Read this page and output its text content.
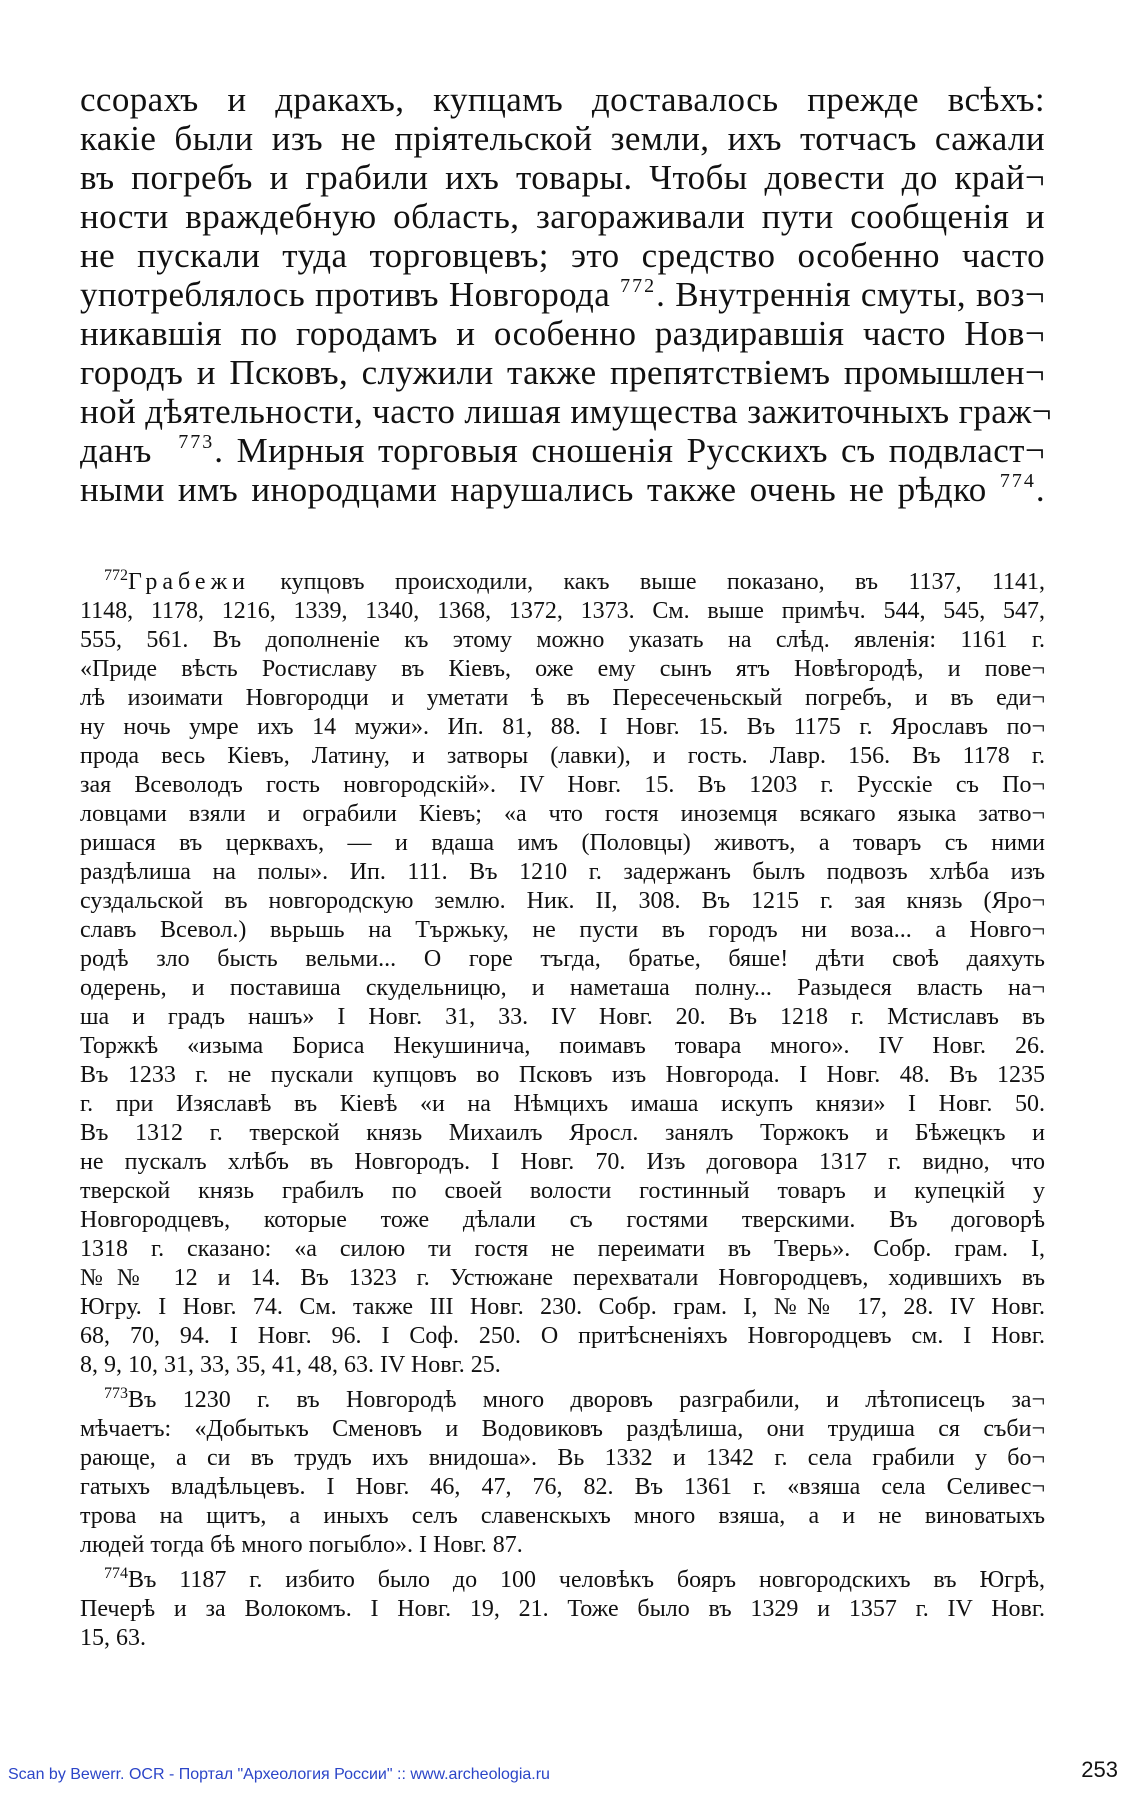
ссорахъ и дракахъ, купцамъ доставалось прежде всѣхъ:
какіе были изъ не пріятельской земли, ихъ тотчасъ сажали
въ погребъ и грабили ихъ товары. Чтобы довести до край¬
ности враждебную область, загораживали пути сообщенія и
не пускали туда торговцевъ; это средство особенно часто
употреблялось противъ Новгорода $^{772}$. Внутреннія смуты, воз¬
никавшія по городамъ и особенно раздиравшія часто Нов¬
городъ и Псковъ, служили также препятствіемъ промышлен¬
ной дѣятельности, часто лишая имущества зажиточныхъ граж¬
данъ $^{773}$. Мирныя торговыя сношенія Русскихъ съ подвласт¬
ными имъ инородцами нарушались также очень не рѣдко $^{774}$.
$^{772}$Грабежи купцовъ происходили, какъ выше показано, въ 1137, 1141,
1148, 1178, 1216, 1339, 1340, 1368, 1372, 1373. См. выше примѣч. 544, 545, 547,
555, 561. Въ дополненіе къ этому можно указать на слѣд. явленія: 1161 г.
«Приде вѣсть Ростиславу въ Кіевъ, оже ему сынъ ятъ Новѣгородѣ, и пове¬
лѣ изоимати Новгородци и уметати ѣ въ Пересеченьскый погребъ, и въ еди¬
ну ночь умре ихъ 14 мужи». Ип. 81, 88. I Новг. 15. Въ 1175 г. Ярославъ по¬
прода весь Кіевъ, Латину, и затворы (лавки), и гость. Лавр. 156. Въ 1178 г.
зая Всеволодъ гость новгородскій». IV Новг. 15. Въ 1203 г. Русскіе съ По¬
ловцами взяли и ограбили Кіевъ; «а что гостя иноземця всякаго языка затво¬
ришася въ церквахъ, — и вдаша имъ (Половцы) животъ, а товаръ съ ними
раздѣлиша на полы». Ип. 111. Въ 1210 г. задержанъ былъ подвозъ хлѣба изъ
суздальской въ новгородскую землю. Ник. II, 308. Въ 1215 г. зая князь (Яро¬
славъ Всевол.) вьрьшь на Тържьку, не пусти въ городъ ни воза... а Новго¬
родѣ зло бысть вельми... О горе тъгда, братье, бяше! дѣти своѣ даяхуть
одерень, и поставиша скудельницю, и наметаша полну... Разыдеся власть на¬
ша и градъ нашъ» I Новг. 31, 33. IV Новг. 20. Въ 1218 г. Мстиславъ въ
Торжкѣ «изыма Бориса Некушинича, поимавъ товара много». IV Новг. 26.
Въ 1233 г. не пускали купцовъ во Псковъ изъ Новгорода. I Новг. 48. Въ 1235
г. при Изяславѣ въ Кіевѣ «и на Нѣмцихъ имаша искупъ князи» I Новг. 50.
Въ 1312 г. тверской князь Михаилъ Яросл. занялъ Торжокъ и Бѣжецкъ и
не пускалъ хлѣбъ въ Новгородъ. I Новг. 70. Изъ договора 1317 г. видно, что
тверской князь грабилъ по своей волости гостинный товаръ и купецкій у
Новгородцевъ, которые тоже дѣлали съ гостями тверскими. Въ договорѣ
1318 г. сказано: «а силою ти гостя не переимати въ Тверь». Собр. грам. I,
№№ 12 и 14. Въ 1323 г. Устюжане перехватали Новгородцевъ, ходившихъ въ
Югру. I Новг. 74. См. также III Новг. 230. Собр. грам. I, №№ 17, 28. IV Новг.
68, 70, 94. I Новг. 96. I Соф. 250. О притѣсненіяхъ Новгородцевъ см. I Новг.
8, 9, 10, 31, 33, 35, 41, 48, 63. IV Новг. 25.
$^{773}$Въ 1230 г. въ Новгородѣ много дворовъ разграбили, и лѣтописецъ за¬
мѣчаетъ: «Добытькъ Сменовъ и Водовиковъ раздѣлиша, они трудиша ся съби¬
рающе, а си въ трудъ ихъ внидоша». Вь 1332 и 1342 г. села грабили у бо¬
гатыхъ владѣльцевъ. I Новг. 46, 47, 76, 82. Въ 1361 г. «взяша села Селивес¬
трова на щитъ, а иныхъ селъ славенскыхъ много взяша, а и не виноватыхъ
людей тогда бѣ много погыбло». I Новг. 87.
$^{774}$Въ 1187 г. избито было до 100 человѣкъ бояръ новгородскихъ въ Югрѣ,
Печерѣ и за Волокомъ. I Новг. 19, 21. Тоже было въ 1329 и 1357 г. IV Новг.
15, 63.
Scan by Bewerr. OCR - Портал "Археология России" :: www.archeologia.ru	253
